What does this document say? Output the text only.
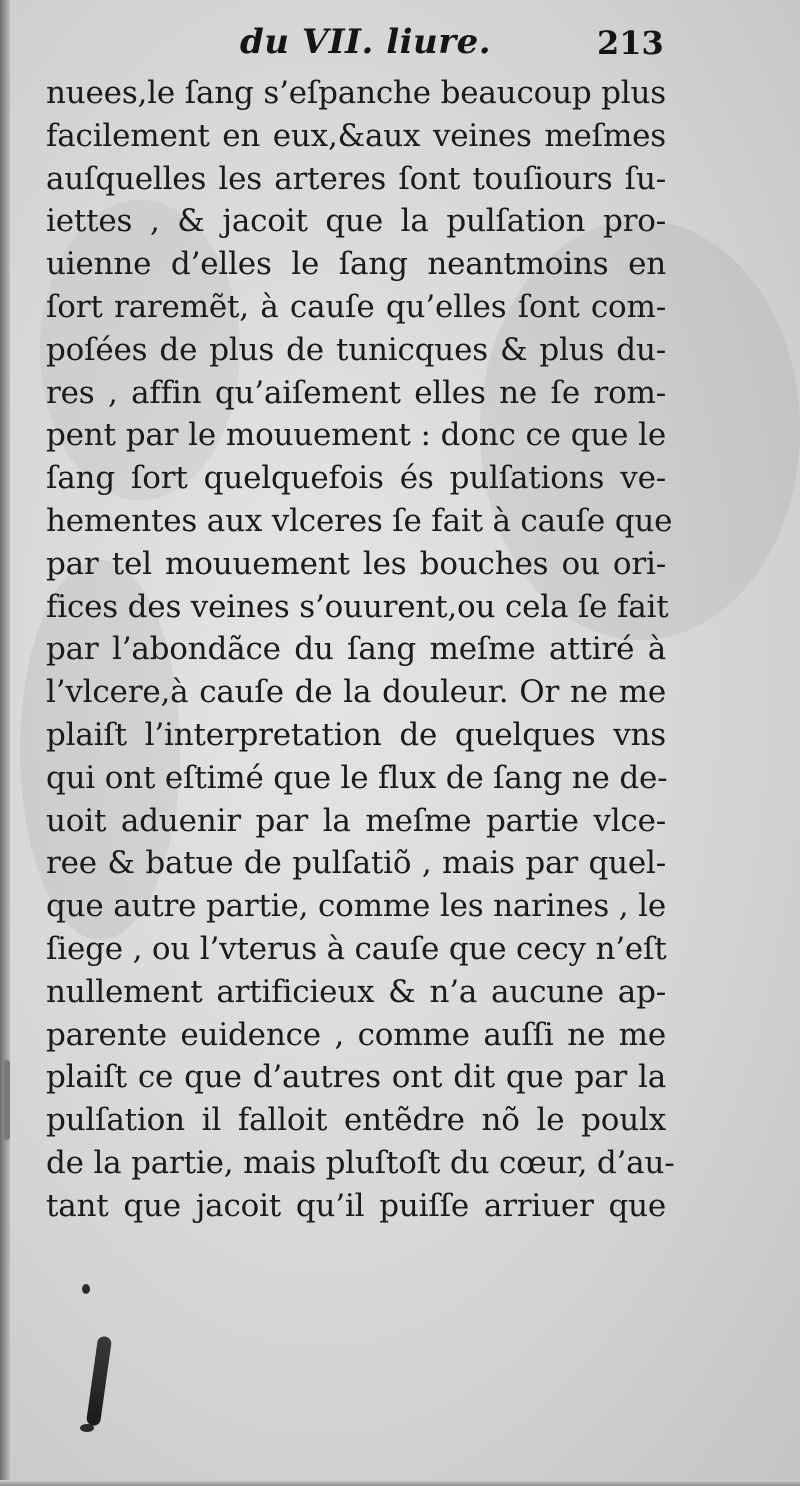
du VII. liure.	213
nuees,le ſang s’eſpanche beaucoup plus
facilement en eux,&aux veines meſmes
auſquelles les arteres ſont touſiours ſu-
iettes , & jacoit que la pulſation pro-
uienne d’elles le ſang neantmoins en
ſort raremẽt, à cauſe qu’elles ſont com-
poſées de plus de tunicques & plus du-
res , affin qu’aiſement elles ne ſe rom-
pent par le mouuement : donc ce que le
ſang ſort quelquefois és pulſations ve-
hementes aux vlceres ſe fait à cauſe que
par tel mouuement les bouches ou ori-
fices des veines s’ouurent,ou cela ſe fait
par l’abondãce du ſang meſme attiré à
l’vlcere,à cauſe de la douleur. Or ne me
plaiſt l’interpretation de quelques vns
qui ont eſtimé que le flux de ſang ne de-
uoit aduenir par la meſme partie vlce-
ree & batue de pulſatiõ , mais par quel-
que autre partie, comme les narines , le
ſiege , ou l’vterus à cauſe que cecy n’eſt
nullement artificieux & n’a aucune ap-
parente euidence , comme auſſi ne me
plaiſt ce que d’autres ont dit que par la
pulſation il falloit entẽdre nõ le poulx
de la partie, mais pluſtoſt du cœur, d’au-
tant que jacoit qu’il puiſſe arriuer que
